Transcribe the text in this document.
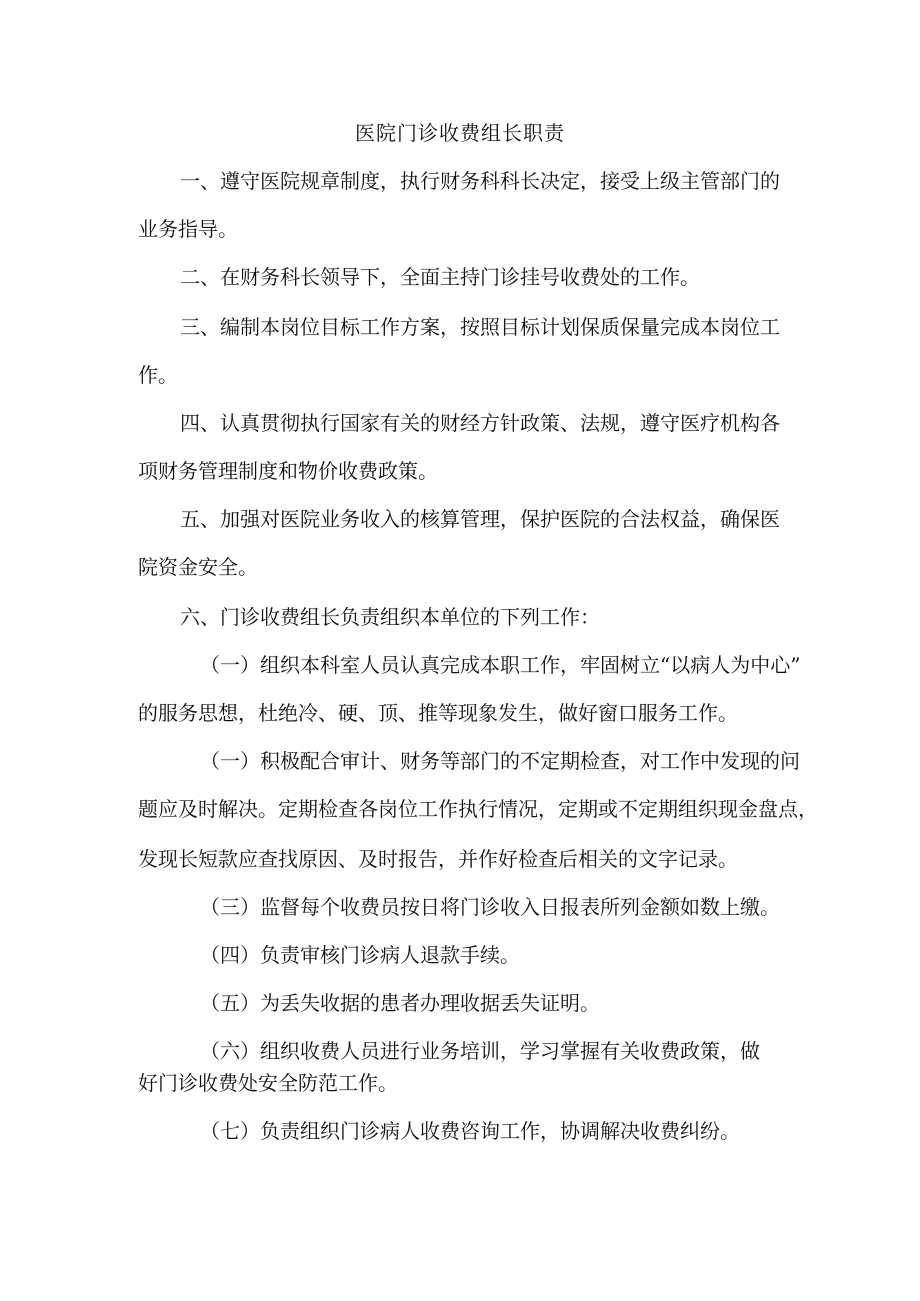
医院门诊收费组长职责
一、遵守医院规章制度，执行财务科科长决定，接受上级主管部门的
业务指导。
二、在财务科长领导下，全面主持门诊挂号收费处的工作。
三、编制本岗位目标工作方案，按照目标计划保质保量完成本岗位工
作。
四、认真贯彻执行国家有关的财经方针政策、法规，遵守医疗机构各
项财务管理制度和物价收费政策。
五、加强对医院业务收入的核算管理，保护医院的合法权益，确保医
院资金安全。
六、门诊收费组长负责组织本单位的下列工作：
（一）组织本科室人员认真完成本职工作，牢固树立“以病人为中心”
的服务思想，杜绝冷、硬、顶、推等现象发生，做好窗口服务工作。
（一）积极配合审计、财务等部门的不定期检查，对工作中发现的问
题应及时解决。定期检查各岗位工作执行情况，定期或不定期组织现金盘点，
发现长短款应查找原因、及时报告，并作好检查后相关的文字记录。
（三）监督每个收费员按日将门诊收入日报表所列金额如数上缴。
（四）负责审核门诊病人退款手续。
（五）为丢失收据的患者办理收据丢失证明。
（六）组织收费人员进行业务培训，学习掌握有关收费政策，做
好门诊收费处安全防范工作。
（七）负责组织门诊病人收费咨询工作，协调解决收费纠纷。
